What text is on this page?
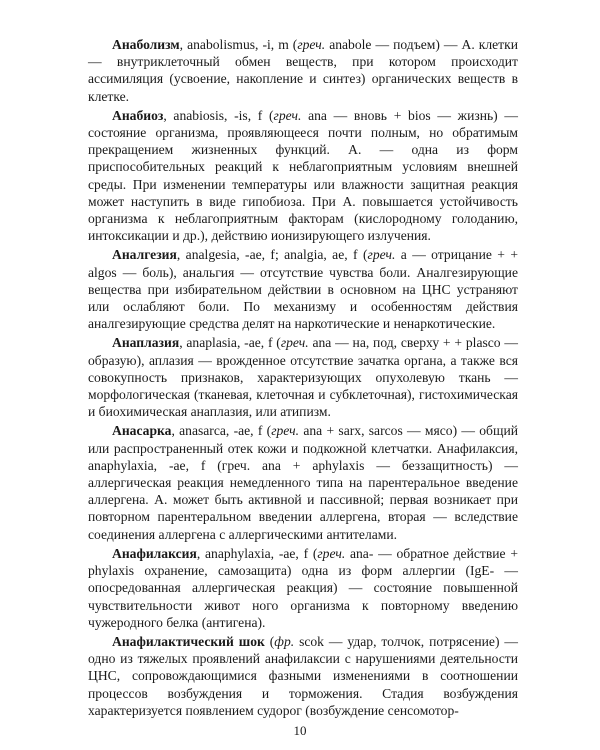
Анаболизм, anabolismus, -i, m (греч. anabole — подъем) — А. клетки — внутриклеточный обмен веществ, при котором происходит ассимиляция (усвоение, накопление и синтез) органических веществ в клетке.

Анабиоз, anabiosis, -is, f (греч. ana — вновь + bios — жизнь) — состояние организма, проявляющееся почти полным, но обратимым прекращением жизненных функций. А. — одна из форм приспособительных реакций к неблагоприятным условиям внешней среды. При изменении температуры или влажности защитная реакция может наступить в виде гипобиоза. При А. повышается устойчивость организма к неблагоприятным факторам (кислородному голоданию, интоксикации и др.), действию ионизирующего излучения.

Аналгезия, analgesia, -ae, f; analgia, ae, f (греч. a — отрицание + + algos — боль), анальгия — отсутствие чувства боли. Аналгезирующие вещества при избирательном действии в основном на ЦНС устраняют или ослабляют боли. По механизму и особенностям действия аналгезирующие средства делят на наркотические и ненаркотические.

Анаплазия, anaplasia, -ae, f (греч. ana — на, под, сверху + + plasco — образую), аплазия — врожденное отсутствие зачатка органа, а также вся совокупность признаков, характеризующих опухолевую ткань — морфологическая (тканевая, клеточная и субклеточная), гистохимическая и биохимическая анаплазия, или атипизм.

Анасарка, anasarca, -ae, f (греч. ana + sarx, sarcos — мясо) — общий или распространенный отек кожи и подкожной клетчатки. Анафилаксия, anaphylaxia, -ae, f (греч. ana + aphylaxis — беззащитность) — аллергическая реакция немедленного типа на парентеральное введение аллергена. А. может быть активной и пассивной; первая возникает при повторном парентеральном введении аллергена, вторая — вследствие соединения аллергена с аллергическими антителами.

Анафилаксия, anaphylaxia, -ae, f (греч. ana- — обратное действие + phylaxis охранение, самозащита) одна из форм аллергии (IgE- — опосредованная аллергическая реакция) — состояние повышенной чувствительности живот ного организма к повторному введению чужеродного белка (антигена).

Анафилактический шок (фр. scok — удар, толчок, потрясение) — одно из тяжелых проявлений анафилаксии с нарушениями деятельности ЦНС, сопровождающимися фазными изменениями в соотношении процессов возбуждения и торможения. Стадия возбуждения характеризуется появлением судорог (возбуждение сенсомотор-

10
